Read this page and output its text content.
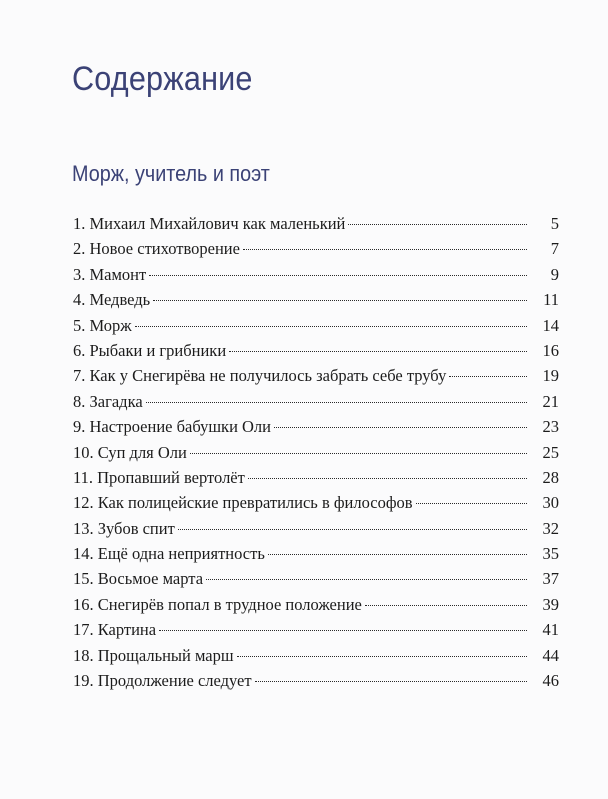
Содержание
Морж, учитель и поэт
1. Михаил Михайлович как маленький	5
2. Новое стихотворение	7
3. Мамонт	9
4. Медведь	11
5. Морж	14
6. Рыбаки и грибники	16
7. Как у Снегирёва не получилось забрать себе трубу	19
8. Загадка	21
9. Настроение бабушки Оли	23
10. Суп для Оли	25
11. Пропавший вертолёт	28
12. Как полицейские превратились в философов	30
13. Зубов спит	32
14. Ещё одна неприятность	35
15. Восьмое марта	37
16. Снегирёв попал в трудное положение	39
17. Картина	41
18. Прощальный марш	44
19. Продолжение следует	46
